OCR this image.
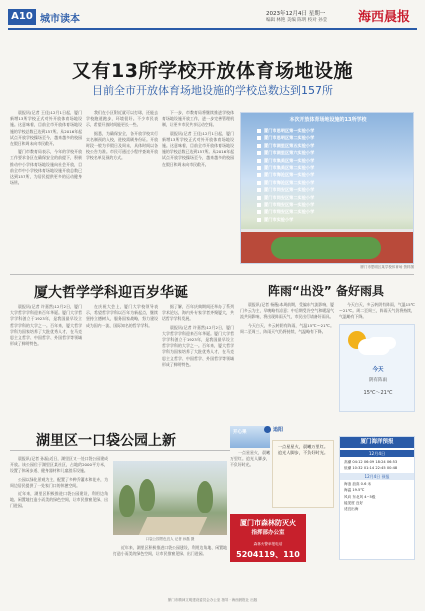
A10 城市读本	2023年12月4日 星期一
编辑 林艳 美编 陈明 校对 孙莹 海西晨报
又有13所学校开放体育场地设施
目前全市开放体育场地设施的学校总数达到157所

晨报讯(记者 王佳)12月1日起，厦门新增13所学校正式对外开放体育场地设施。这意味着，目前全市开放体育场地设施的学校总数已达到157所。从2016年起试点开放学校操场至今，越来越多的校园在假日和周末向市民敞开。

厦门市教育局表示，今年的学校开放工作要求各区在确保安全的前提下，积极推动中小学体育场地设施向社会开放，目前全市中小学校体育场地设施开放总数已达到157所，为居民提供更多的运动健身场所。

我们在小区附近就可以打球，还能去学校跑道跑步，环境很好。不少市民表示，希望开放时间能更长一些。

据悉，为确保安全，各开放学校实行实名制预约入校，进校需刷身份证。开放时段一般为节假日及周末，具体时间以各校公告为准。市民可通过小程序查询开放学校名单及预约方式。

下一步，市教育局将继续推进学校体育场地设施开放工作，进一步完善管理机制，让更多市民共享运动空间。

晨报讯(记者 王佳)12月1日起，厦门新增13所学校正式对外开放体育场地设施。这意味着，目前全市开放体育场地设施的学校总数已达到157所。从2016年起试点开放学校操场至今，越来越多的校园在假日和周末向市民敞开。

本次开放体育场地设施的13所学校
厦门市思明区第一实验小学
厦门市思明区第二实验小学
厦门市湖里区第五实验小学
厦门市湖里区第六实验小学
厦门市集美区第一实验小学
厦门市集美区第二实验小学
厦门市海沧区第一实验小学
厦门市海沧区第二实验小学
厦门市同安区第一实验小学
厦门市同安区第二实验小学
厦门市翔安区第一实验小学
厦门市翔安区第二实验小学
厦门市实验小学
厦门市思明区某学校体育场 资料图
厦大哲学学科迎百岁华诞

晨报讯(记者 许嘉然)12月2日，厦门大学哲学学科迎来百年华诞。厦门大学哲学学科创立于1923年，是我国最早设立哲学学科的大学之一。百年来，厦大哲学学科为国家培养了大批优秀人才，在马克思主义哲学、中国哲学、外国哲学等领域形成了鲜明特色。

在庆祝大会上，厦门大学校领导表示，希望哲学学科以百年为新起点，继续坚持立德树人，服务国家战略，努力建设成为国内一流、国际知名的哲学学科。

据了解，百年庆典期间还举办了系列学术论坛，海内外专家学者齐聚厦大，共话哲学学科发展。

晨报讯(记者 许嘉然)12月2日，厦门大学哲学学科迎来百年华诞。厦门大学哲学学科创立于1923年，是我国最早设立哲学学科的大学之一。百年来，厦大哲学学科为国家培养了大批优秀人才，在马克思主义哲学、中国哲学、外国哲学等领域形成了鲜明特色。

阵雨“出没” 备好雨具

晨报讯(记者 杨薇)本周前期，受偏东气流影响，厦门多云为主，早晚略有凉意；中后期受冷空气和暖湿气流共同影响，将出现阵雨天气，市民出行请备好雨具。

今天白天，多云转阴有阵雨，气温15℃～21℃。周二至周三，阵雨天气仍将持续，气温略有下降。

今天白天，多云转阴有阵雨，气温15℃～21℃。周二至周三，阵雨天气仍将持续，气温略有下降。

今天
阴有阵雨
15℃～21℃
湖里区一口袋公园上新

晨报讯(记者 孙磊)近日，湖里区又一处口袋公园建成开放。该公园位于湖里区某社区，占地约2000平方米，设置了休闲步道、健身器材和儿童游乐设施。

公园以绿化景观为主，配置了多种乔灌木和花卉，为周边居民提供了一处家门口的休憩空间。

近年来，湖里区积极推进口袋公园建设，利用边角地、闲置地打造小而美的绿色空间，让市民推窗见绿、出门进园。

口袋公园景色宜人 记者 孙磊 摄

近年来，湖里区积极推进口袋公园建设，利用边角地、闲置地打造小而美的绿色空间，让市民推窗见绿、出门进园。

开心果	追阳

一点星星火，晨曦万里红。追光人脚步，不负好时光。

一点星星火，晨曦万里红。追光人脚步，不负好时光。
厦门市森林防灭火
指挥部办公室
森林火警举报电话
5204119、110
厦门海洋预报
12月4日
高潮 04:12 06:09 18:24 06:53
低潮 10:32 01:14 22:45 00:48
12月4日 预报
海浪 浪高 0.6 米
海温 19.5℃
风向 东北风 4~5级
能见度 良好
适宜出海
厦门市精神文明建设委员会办公室 指导 · 海西晨报社 出版
